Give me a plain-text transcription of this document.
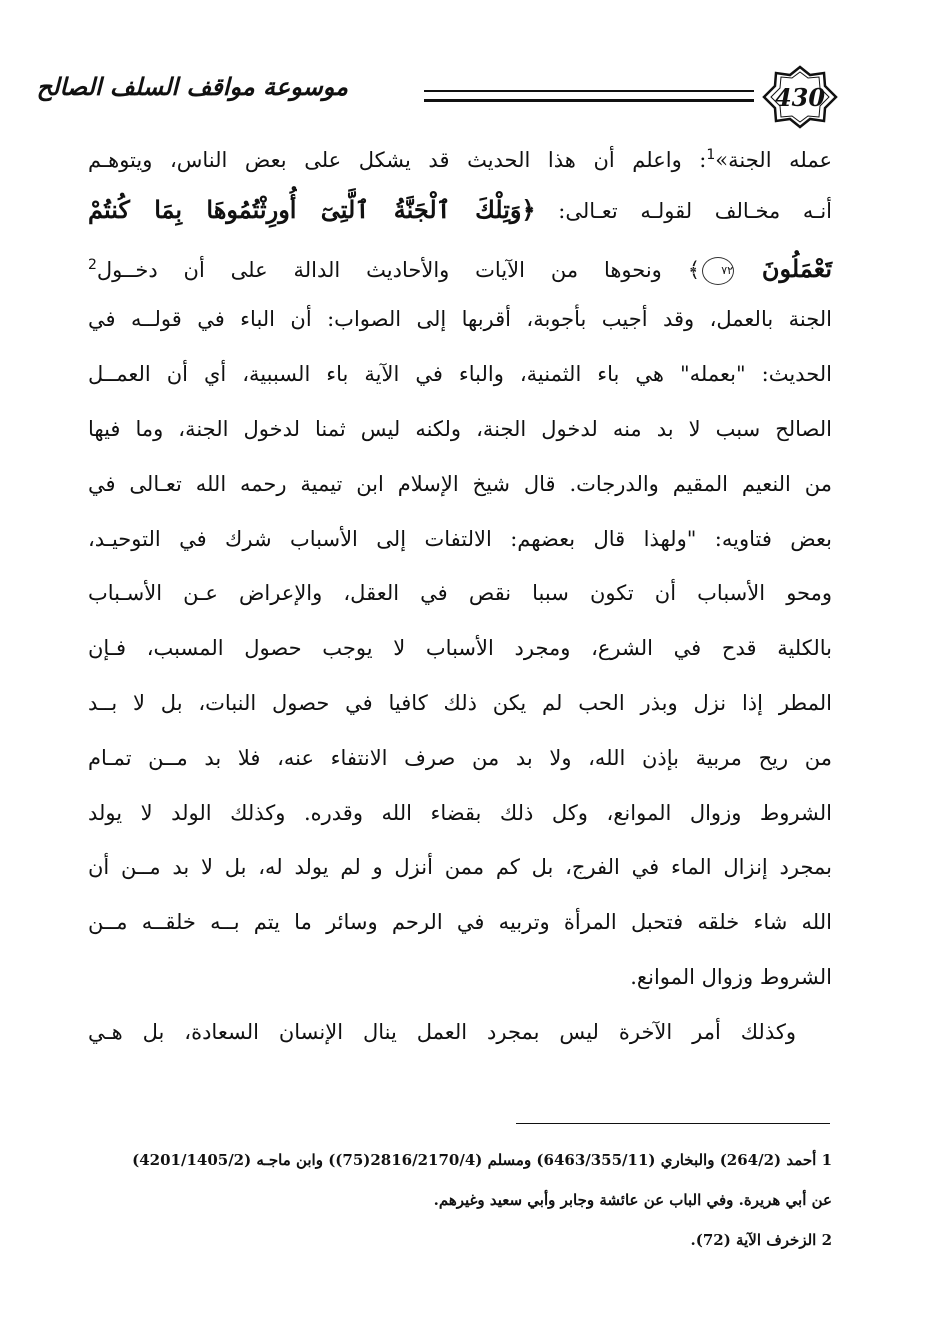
430
موسوعة مواقف السلف الصالح
عمله الجنة»$^1$: واعلم أن هذا الحديث قد يشكل على بعض الناس، ويتوهـم
أنـه مخـالف لقولـه تعـالى: ﴿وَتِلْكَ ٱلْجَنَّةُ ٱلَّتِىٓ أُورِثْتُمُوهَا بِمَا كُنتُمْ
تَعْمَلُونَ ٧٢﴾ ونحوها من الآيات والأحاديث الدالة على أن دخــول$^2$
الجنة بالعمل، وقد أجيب بأجوبة، أقربها إلى الصواب: أن الباء في قولــه في
الحديث: "بعمله" هي باء الثمنية، والباء في الآية باء السببية، أي أن العمــل
الصالح سبب لا بد منه لدخول الجنة، ولكنه ليس ثمنا لدخول الجنة، وما فيها
من النعيم المقيم والدرجات. قال شيخ الإسلام ابن تيمية رحمه الله تعـالى في
بعض فتاويه: "ولهذا قال بعضهم: الالتفات إلى الأسباب شرك في التوحيـد،
ومحو الأسباب أن تكون سببا نقص في العقل، والإعراض عـن الأسـباب
بالكلية قدح في الشرع، ومجرد الأسباب لا يوجب حصول المسبب، فـإن
المطر إذا نزل وبذر الحب لم يكن ذلك كافيا في حصول النبات، بل لا بــد
من ريح مربية بإذن الله، ولا بد من صرف الانتفاء عنه، فلا بد مــن تمـام
الشروط وزوال الموانع، وكل ذلك بقضاء الله وقدره. وكذلك الولد لا يولد
بمجرد إنزال الماء في الفرج، بل كم ممن أنزل و لم يولد له، بل لا بد مــن أن
الله شاء خلقه فتحبل المرأة وتربيه في الرحم وسائر ما يتم بــه خلقــه مــن
الشروط وزوال الموانع.
وكذلك أمر الآخرة ليس بمجرد العمل ينال الإنسان السعادة، بل هـي
1 أحمد (264/2) والبخاري (6463/355/11) ومسلم (2816/2170/4(75)) وابن ماجـه (4201/1405/2)
عن أبي هريرة. وفي الباب عن عائشة وجابر وأبي سعيد وغيرهم.
2 الزخرف الآية (72).
